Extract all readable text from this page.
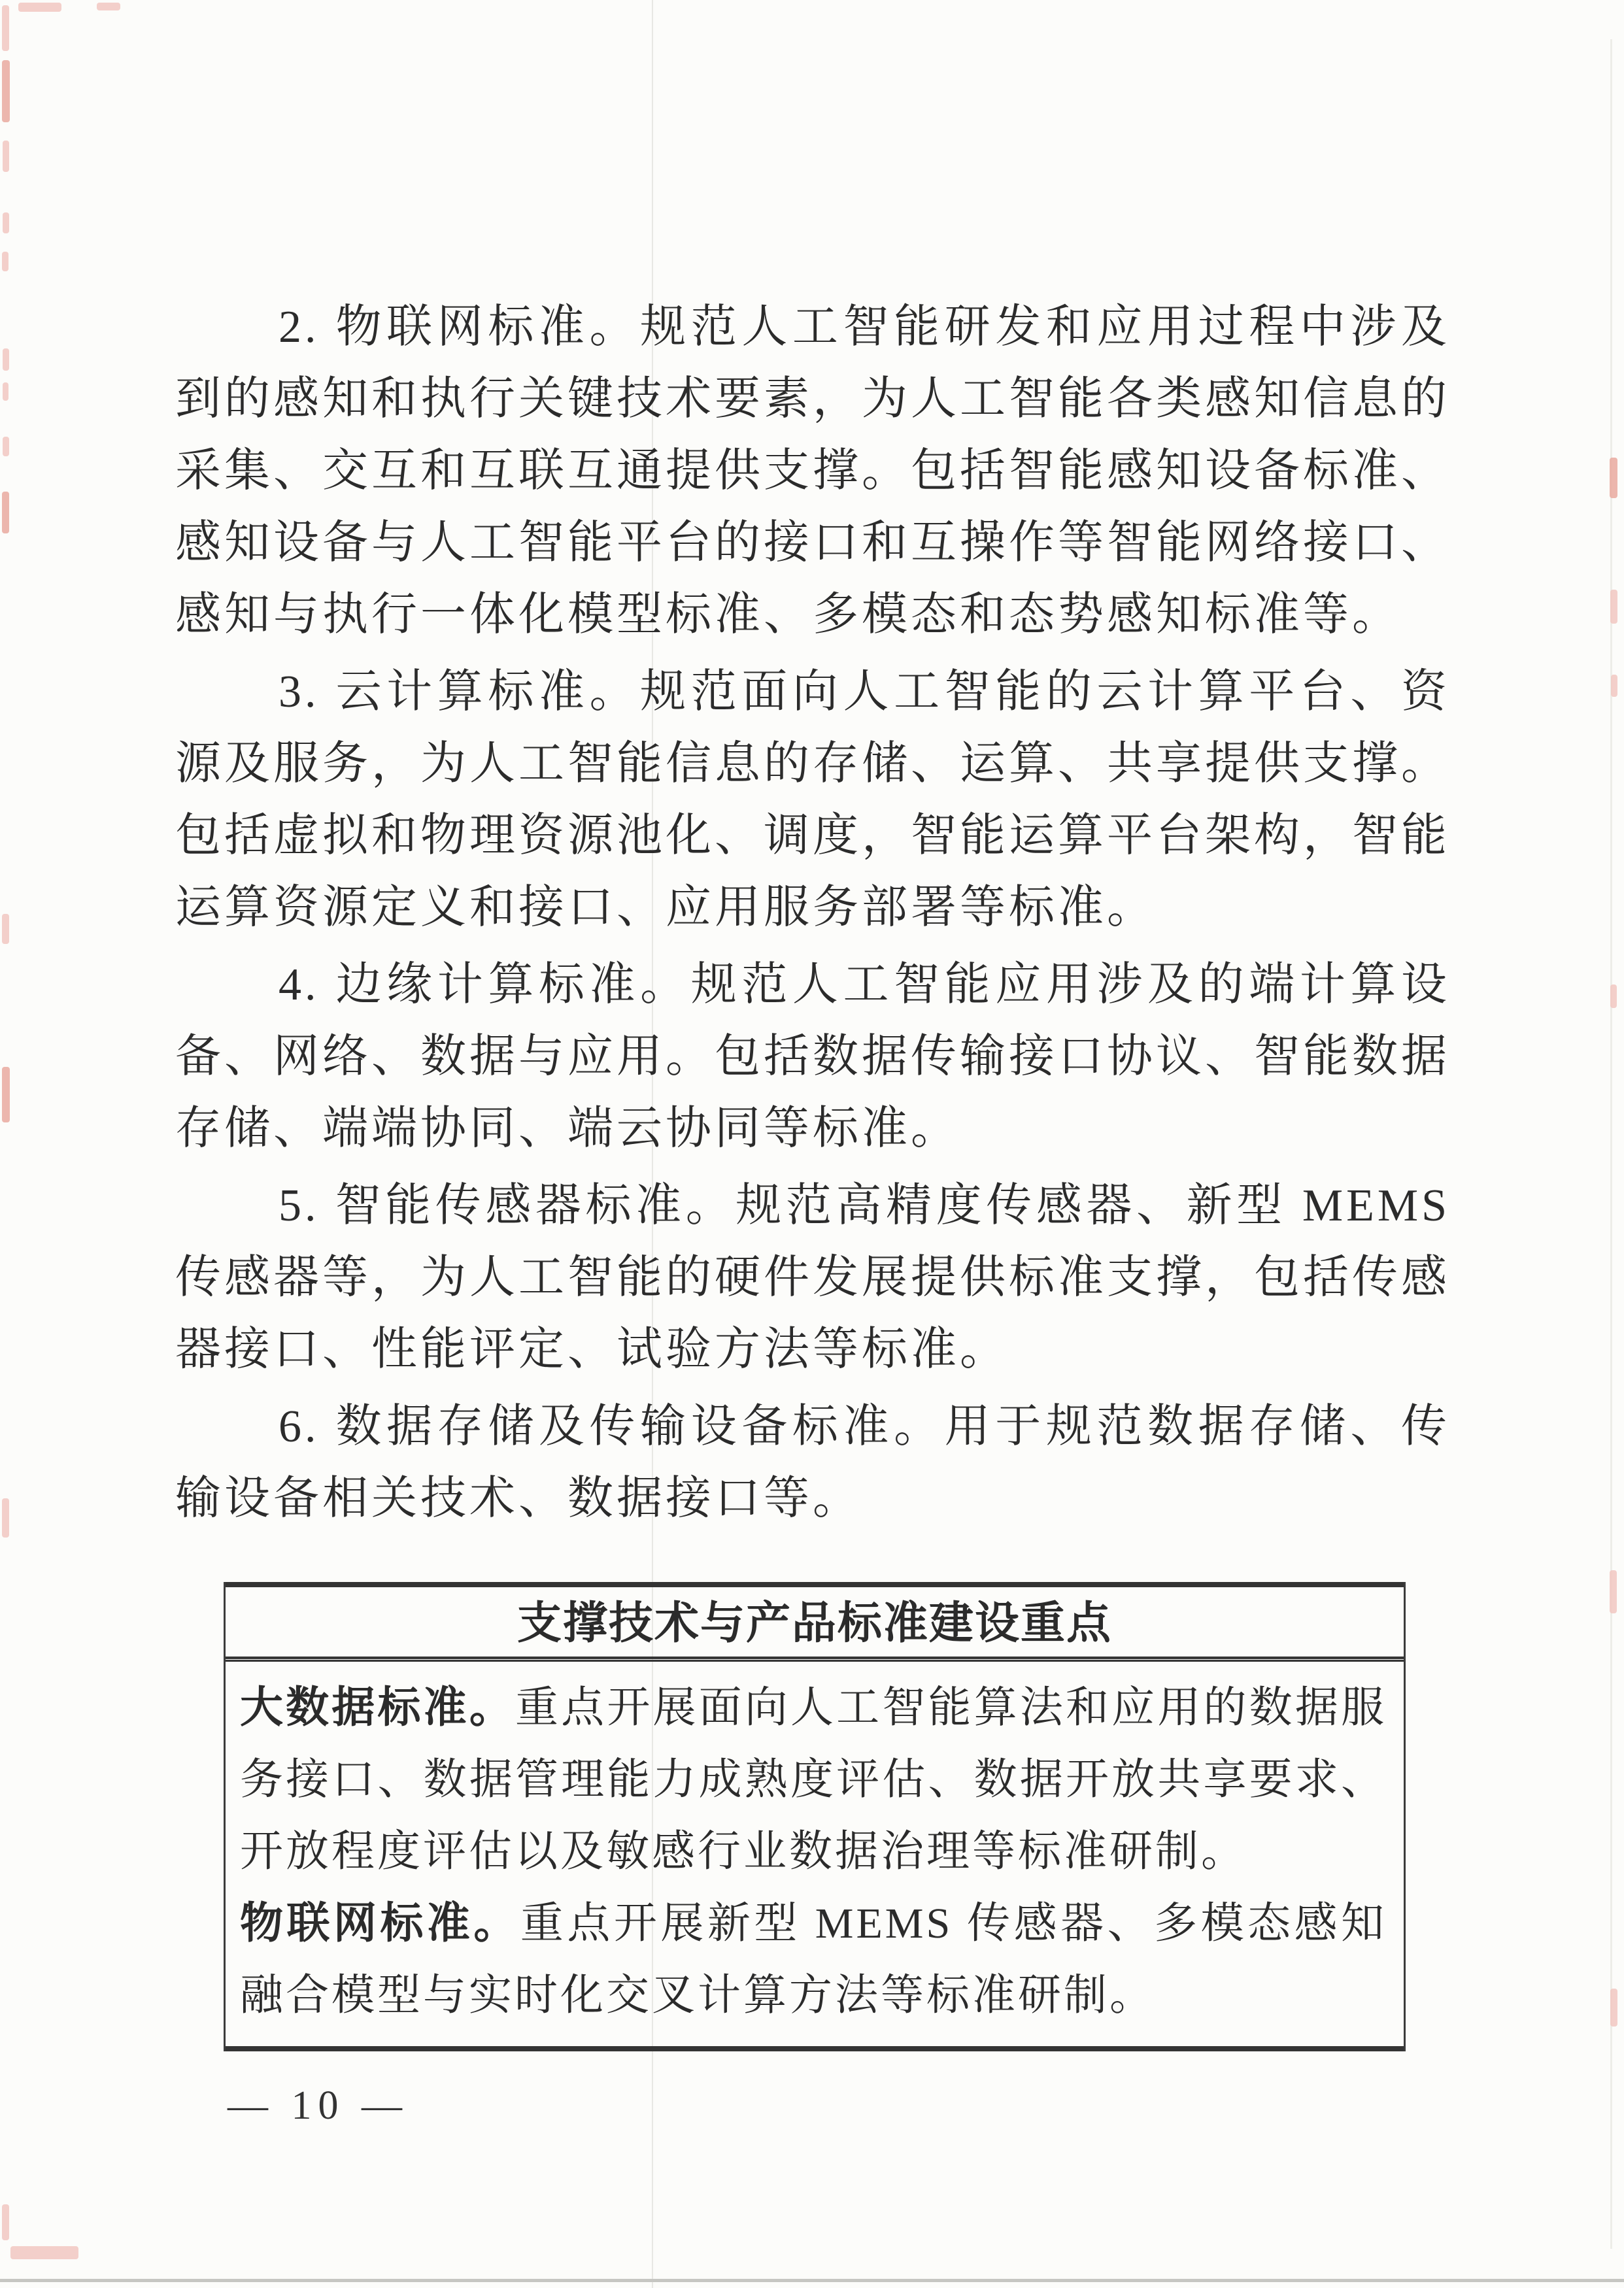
2. 物联网标准。规范人工智能研发和应用过程中涉及到的感知和执行关键技术要素，为人工智能各类感知信息的采集、交互和互联互通提供支撑。包括智能感知设备标准、感知设备与人工智能平台的接口和互操作等智能网络接口、感知与执行一体化模型标准、多模态和态势感知标准等。

3. 云计算标准。规范面向人工智能的云计算平台、资源及服务，为人工智能信息的存储、运算、共享提供支撑。包括虚拟和物理资源池化、调度，智能运算平台架构，智能运算资源定义和接口、应用服务部署等标准。

4. 边缘计算标准。规范人工智能应用涉及的端计算设备、网络、数据与应用。包括数据传输接口协议、智能数据存储、端端协同、端云协同等标准。

5. 智能传感器标准。规范高精度传感器、新型 MEMS 传感器等，为人工智能的硬件发展提供标准支撑，包括传感器接口、性能评定、试验方法等标准。

6. 数据存储及传输设备标准。用于规范数据存储、传输设备相关技术、数据接口等。

支撑技术与产品标准建设重点

大数据标准。重点开展面向人工智能算法和应用的数据服务接口、数据管理能力成熟度评估、数据开放共享要求、开放程度评估以及敏感行业数据治理等标准研制。

物联网标准。重点开展新型 MEMS 传感器、多模态感知融合模型与实时化交叉计算方法等标准研制。

— 10 —
